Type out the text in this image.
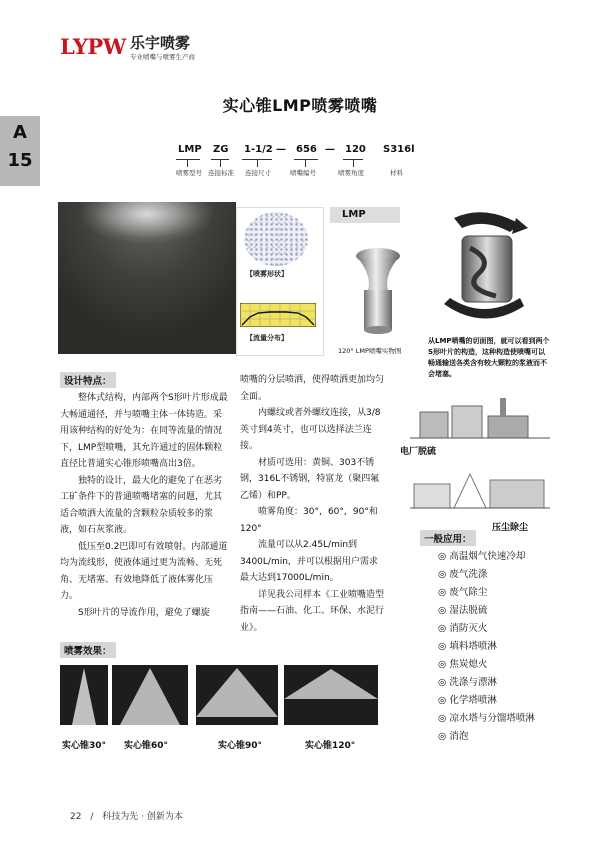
LYPW 乐宇喷雾
专业喷嘴与喷雾生产商
实心锥LMP喷雾喷嘴
A
15
LMP ZG 1-1/2 — 656 — 120 S316l
喷雾型号 连接标准 连接尺寸	喷嘴编号	喷雾角度	材料
【喷雾形状】
【流量分布】
LMP
120° LMP喷嘴实物图
从LMP喷嘴的切面图，就可以看到两个S形叶片的构造，这种构造使喷嘴可以畅通输送各类含有较大颗粒的浆液而不会堵塞。
电厂脱硫
压尘除尘
设计特点：

整体式结构，内部两个S形叶片形成最大畅通通径，并与喷嘴主体一体铸造。采用该种结构的好处为：在同等流量的情况下，LMP型喷嘴，其允许通过的固体颗粒直径比普通实心锥形喷嘴高出3倍。

独特的设计，最大化的避免了在恶劣工矿条件下的普通喷嘴堵塞的问题，尤其适合喷洒大流量的含颗粒杂质较多的浆液，如石灰浆液。

低压至0.2巴即可有效喷射。内部通道均为流线形，使液体通过更为流畅、无死角、无堵塞、有效地降低了液体雾化压力。

S形叶片的导流作用，避免了螺旋

喷嘴的分层喷洒，使得喷洒更加均匀全面。

内螺纹或者外螺纹连接，从3/8英寸到4英寸，也可以选择法兰连接。

材质可选用：黄铜、303不锈钢，316L不锈钢，特富龙（聚四氟乙烯）和PP。

喷雾角度：30°，60°，90°和120°

流量可以从2.45L/min到3400L/min，并可以根据用户需求最大达到17000L/min。

详见我公司样本《工业喷嘴造型指南——石油、化工、环保、水泥行业》。

一般应用：
◎ 高温烟气快速冷却
◎ 废气洗涤
◎ 废气除尘
◎ 湿法脱硫
◎ 消防灭火
◎ 填料塔喷淋
◎ 焦炭熄火
◎ 洗涤与漂淋
◎ 化学塔喷淋
◎ 凉水塔与分馏塔喷淋
◎ 消泡
喷雾效果：
实心锥30° 实心锥60°	实心锥90°	实心锥120°
22 / 科技为先 · 创新为本
